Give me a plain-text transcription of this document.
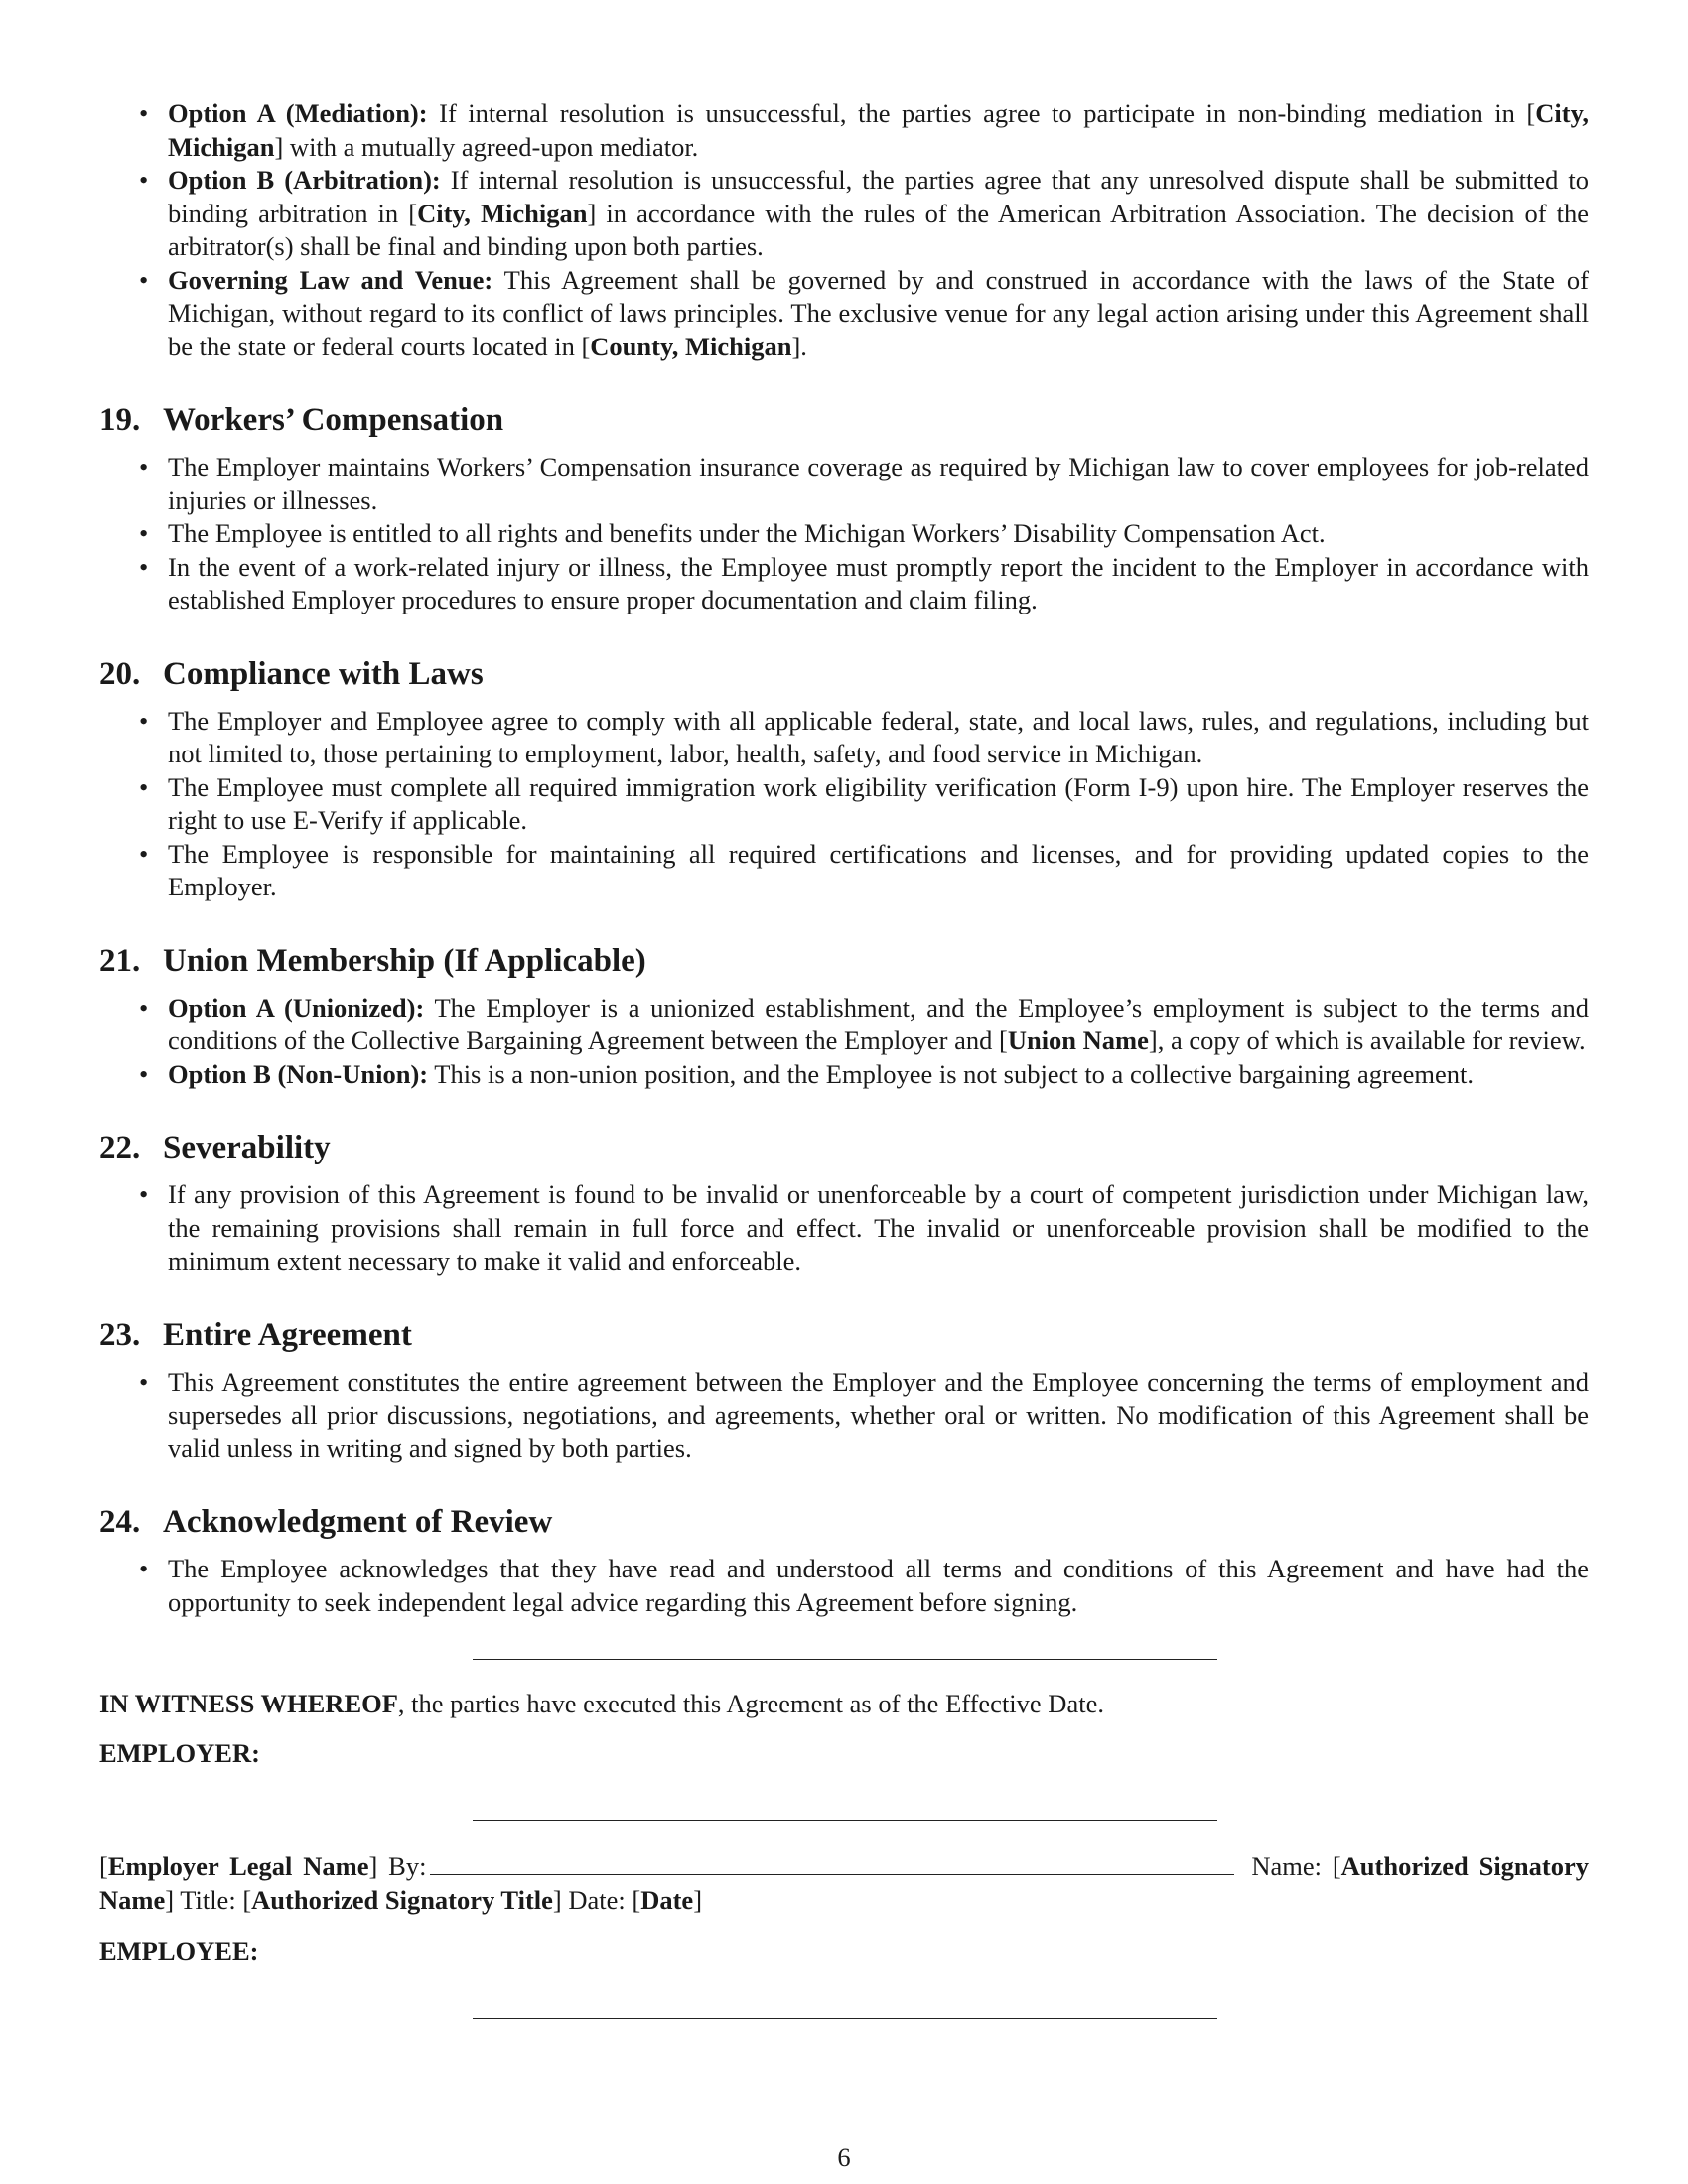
• Option A (Mediation): If internal resolution is unsuccessful, the parties agree to participate in non-binding mediation in [City, Michigan] with a mutually agreed-upon mediator.
• Option B (Arbitration): If internal resolution is unsuccessful, the parties agree that any unresolved dispute shall be submitted to binding arbitration in [City, Michigan] in accordance with the rules of the American Arbitration Association. The decision of the arbitrator(s) shall be final and binding upon both parties.
• Governing Law and Venue: This Agreement shall be governed by and construed in accordance with the laws of the State of Michigan, without regard to its conflict of laws principles. The exclusive venue for any legal action arising under this Agreement shall be the state or federal courts located in [County, Michigan].
19. Workers’ Compensation
• The Employer maintains Workers’ Compensation insurance coverage as required by Michigan law to cover employees for job-related injuries or illnesses.
• The Employee is entitled to all rights and benefits under the Michigan Workers’ Disability Compensation Act.
• In the event of a work-related injury or illness, the Employee must promptly report the incident to the Employer in accordance with established Employer procedures to ensure proper documentation and claim filing.
20. Compliance with Laws
• The Employer and Employee agree to comply with all applicable federal, state, and local laws, rules, and regulations, including but not limited to, those pertaining to employment, labor, health, safety, and food service in Michigan.
• The Employee must complete all required immigration work eligibility verification (Form I-9) upon hire. The Employer reserves the right to use E-Verify if applicable.
• The Employee is responsible for maintaining all required certifications and licenses, and for providing updated copies to the Employer.
21. Union Membership (If Applicable)
• Option A (Unionized): The Employer is a unionized establishment, and the Employee’s employment is subject to the terms and conditions of the Collective Bargaining Agreement between the Employer and [Union Name], a copy of which is available for review.
• Option B (Non-Union): This is a non-union position, and the Employee is not subject to a collective bargaining agreement.
22. Severability
• If any provision of this Agreement is found to be invalid or unenforceable by a court of competent jurisdiction under Michigan law, the remaining provisions shall remain in full force and effect. The invalid or unenforceable provision shall be modified to the minimum extent necessary to make it valid and enforceable.
23. Entire Agreement
• This Agreement constitutes the entire agreement between the Employer and the Employee concerning the terms of employment and supersedes all prior discussions, negotiations, and agreements, whether oral or written. No modification of this Agreement shall be valid unless in writing and signed by both parties.
24. Acknowledgment of Review
• The Employee acknowledges that they have read and understood all terms and conditions of this Agreement and have had the opportunity to seek independent legal advice regarding this Agreement before signing.
IN WITNESS WHEREOF, the parties have executed this Agreement as of the Effective Date.
EMPLOYER:
[Employer Legal Name] By:	Name: [Authorized Signatory Name] Title: [Authorized Signatory Title] Date: [Date]
EMPLOYEE:
6
